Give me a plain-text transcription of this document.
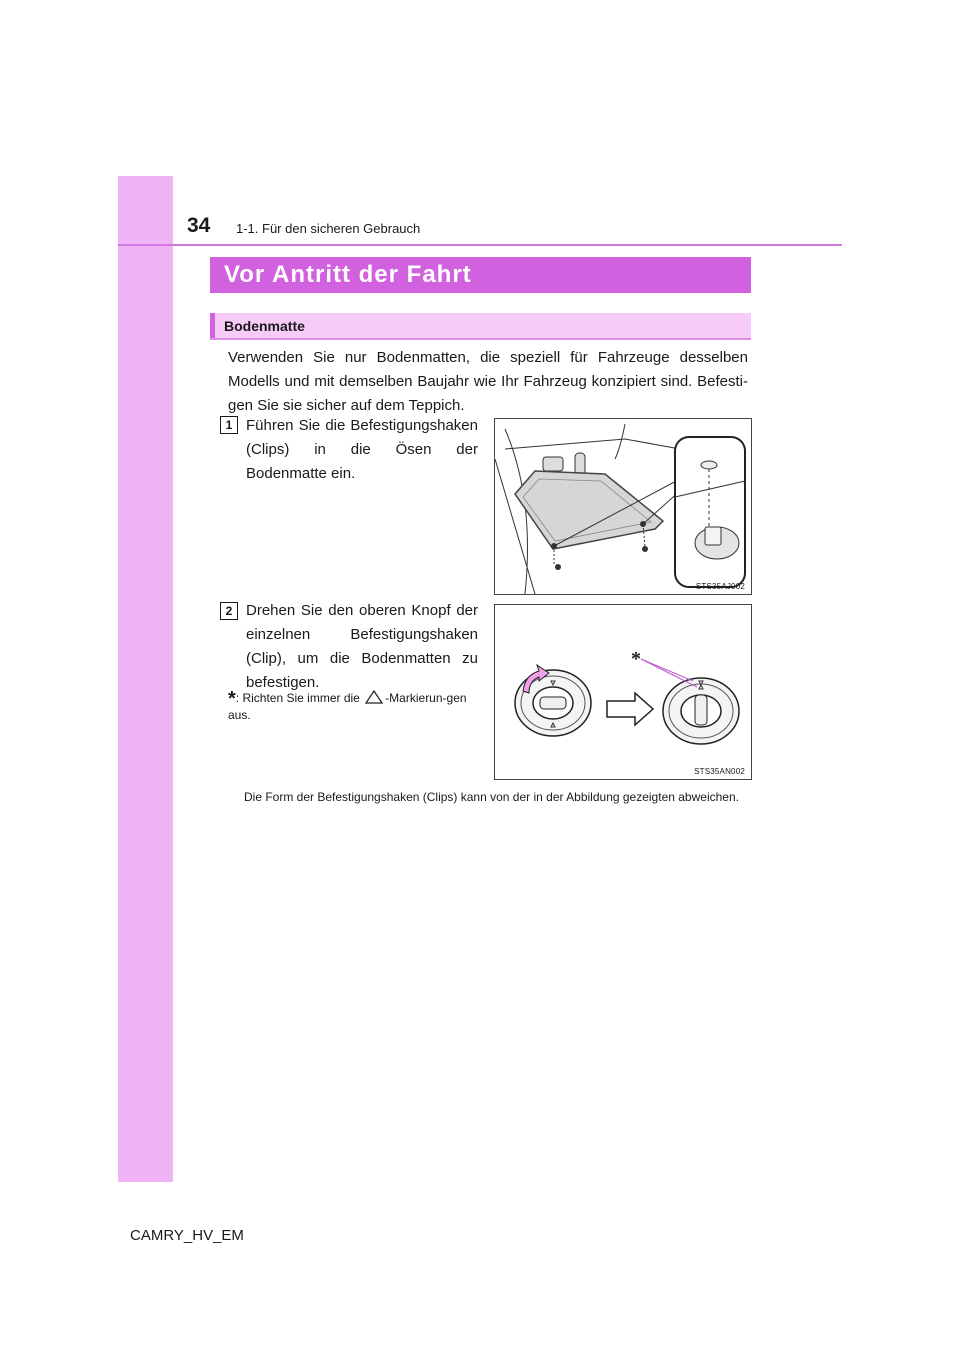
34 1-1. Für den sicheren Gebrauch
Vor Antritt der Fahrt
Bodenmatte
Verwenden Sie nur Bodenmatten, die speziell für Fahrzeuge desselben Modells und mit demselben Baujahr wie Ihr Fahrzeug konzipiert sind. Befesti-gen Sie sie sicher auf dem Teppich.
1 Führen Sie die Befestigungshaken (Clips) in die Ösen der Bodenmatte ein.
STS35AJ002
2 Drehen Sie den oberen Knopf der einzelnen Befestigungshaken (Clip), um die Bodenmatten zu befestigen.
*: Richten Sie immer die -Markierun-gen aus.
*
STS35AN002
Die Form der Befestigungshaken (Clips) kann von der in der Abbildung gezeigten abweichen.
CAMRY_HV_EM
